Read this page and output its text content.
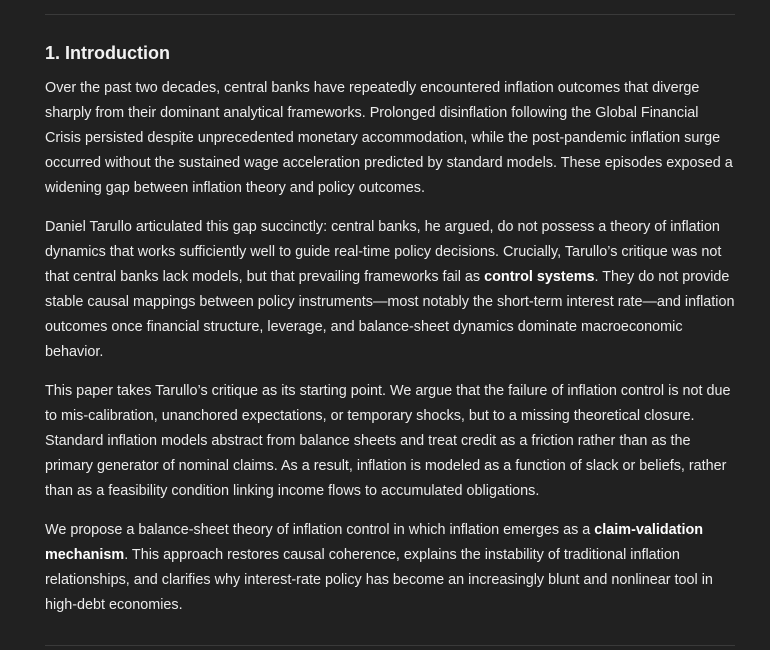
1. Introduction

Over the past two decades, central banks have repeatedly encountered inflation outcomes that diverge sharply from their dominant analytical frameworks. Prolonged disinflation following the Global Financial Crisis persisted despite unprecedented monetary accommodation, while the post-pandemic inflation surge occurred without the sustained wage acceleration predicted by standard models. These episodes exposed a widening gap between inflation theory and policy outcomes.

Daniel Tarullo articulated this gap succinctly: central banks, he argued, do not possess a theory of inflation dynamics that works sufficiently well to guide real-time policy decisions. Crucially, Tarullo’s critique was not that central banks lack models, but that prevailing frameworks fail as control systems. They do not provide stable causal mappings between policy instruments—most notably the short-term interest rate—and inflation outcomes once financial structure, leverage, and balance-sheet dynamics dominate macroeconomic behavior.

This paper takes Tarullo’s critique as its starting point. We argue that the failure of inflation control is not due to mis-calibration, unanchored expectations, or temporary shocks, but to a missing theoretical closure. Standard inflation models abstract from balance sheets and treat credit as a friction rather than as the primary generator of nominal claims. As a result, inflation is modeled as a function of slack or beliefs, rather than as a feasibility condition linking income flows to accumulated obligations.

We propose a balance-sheet theory of inflation control in which inflation emerges as a claim-validation mechanism. This approach restores causal coherence, explains the instability of traditional inflation relationships, and clarifies why interest-rate policy has become an increasingly blunt and nonlinear tool in high-debt economies.
